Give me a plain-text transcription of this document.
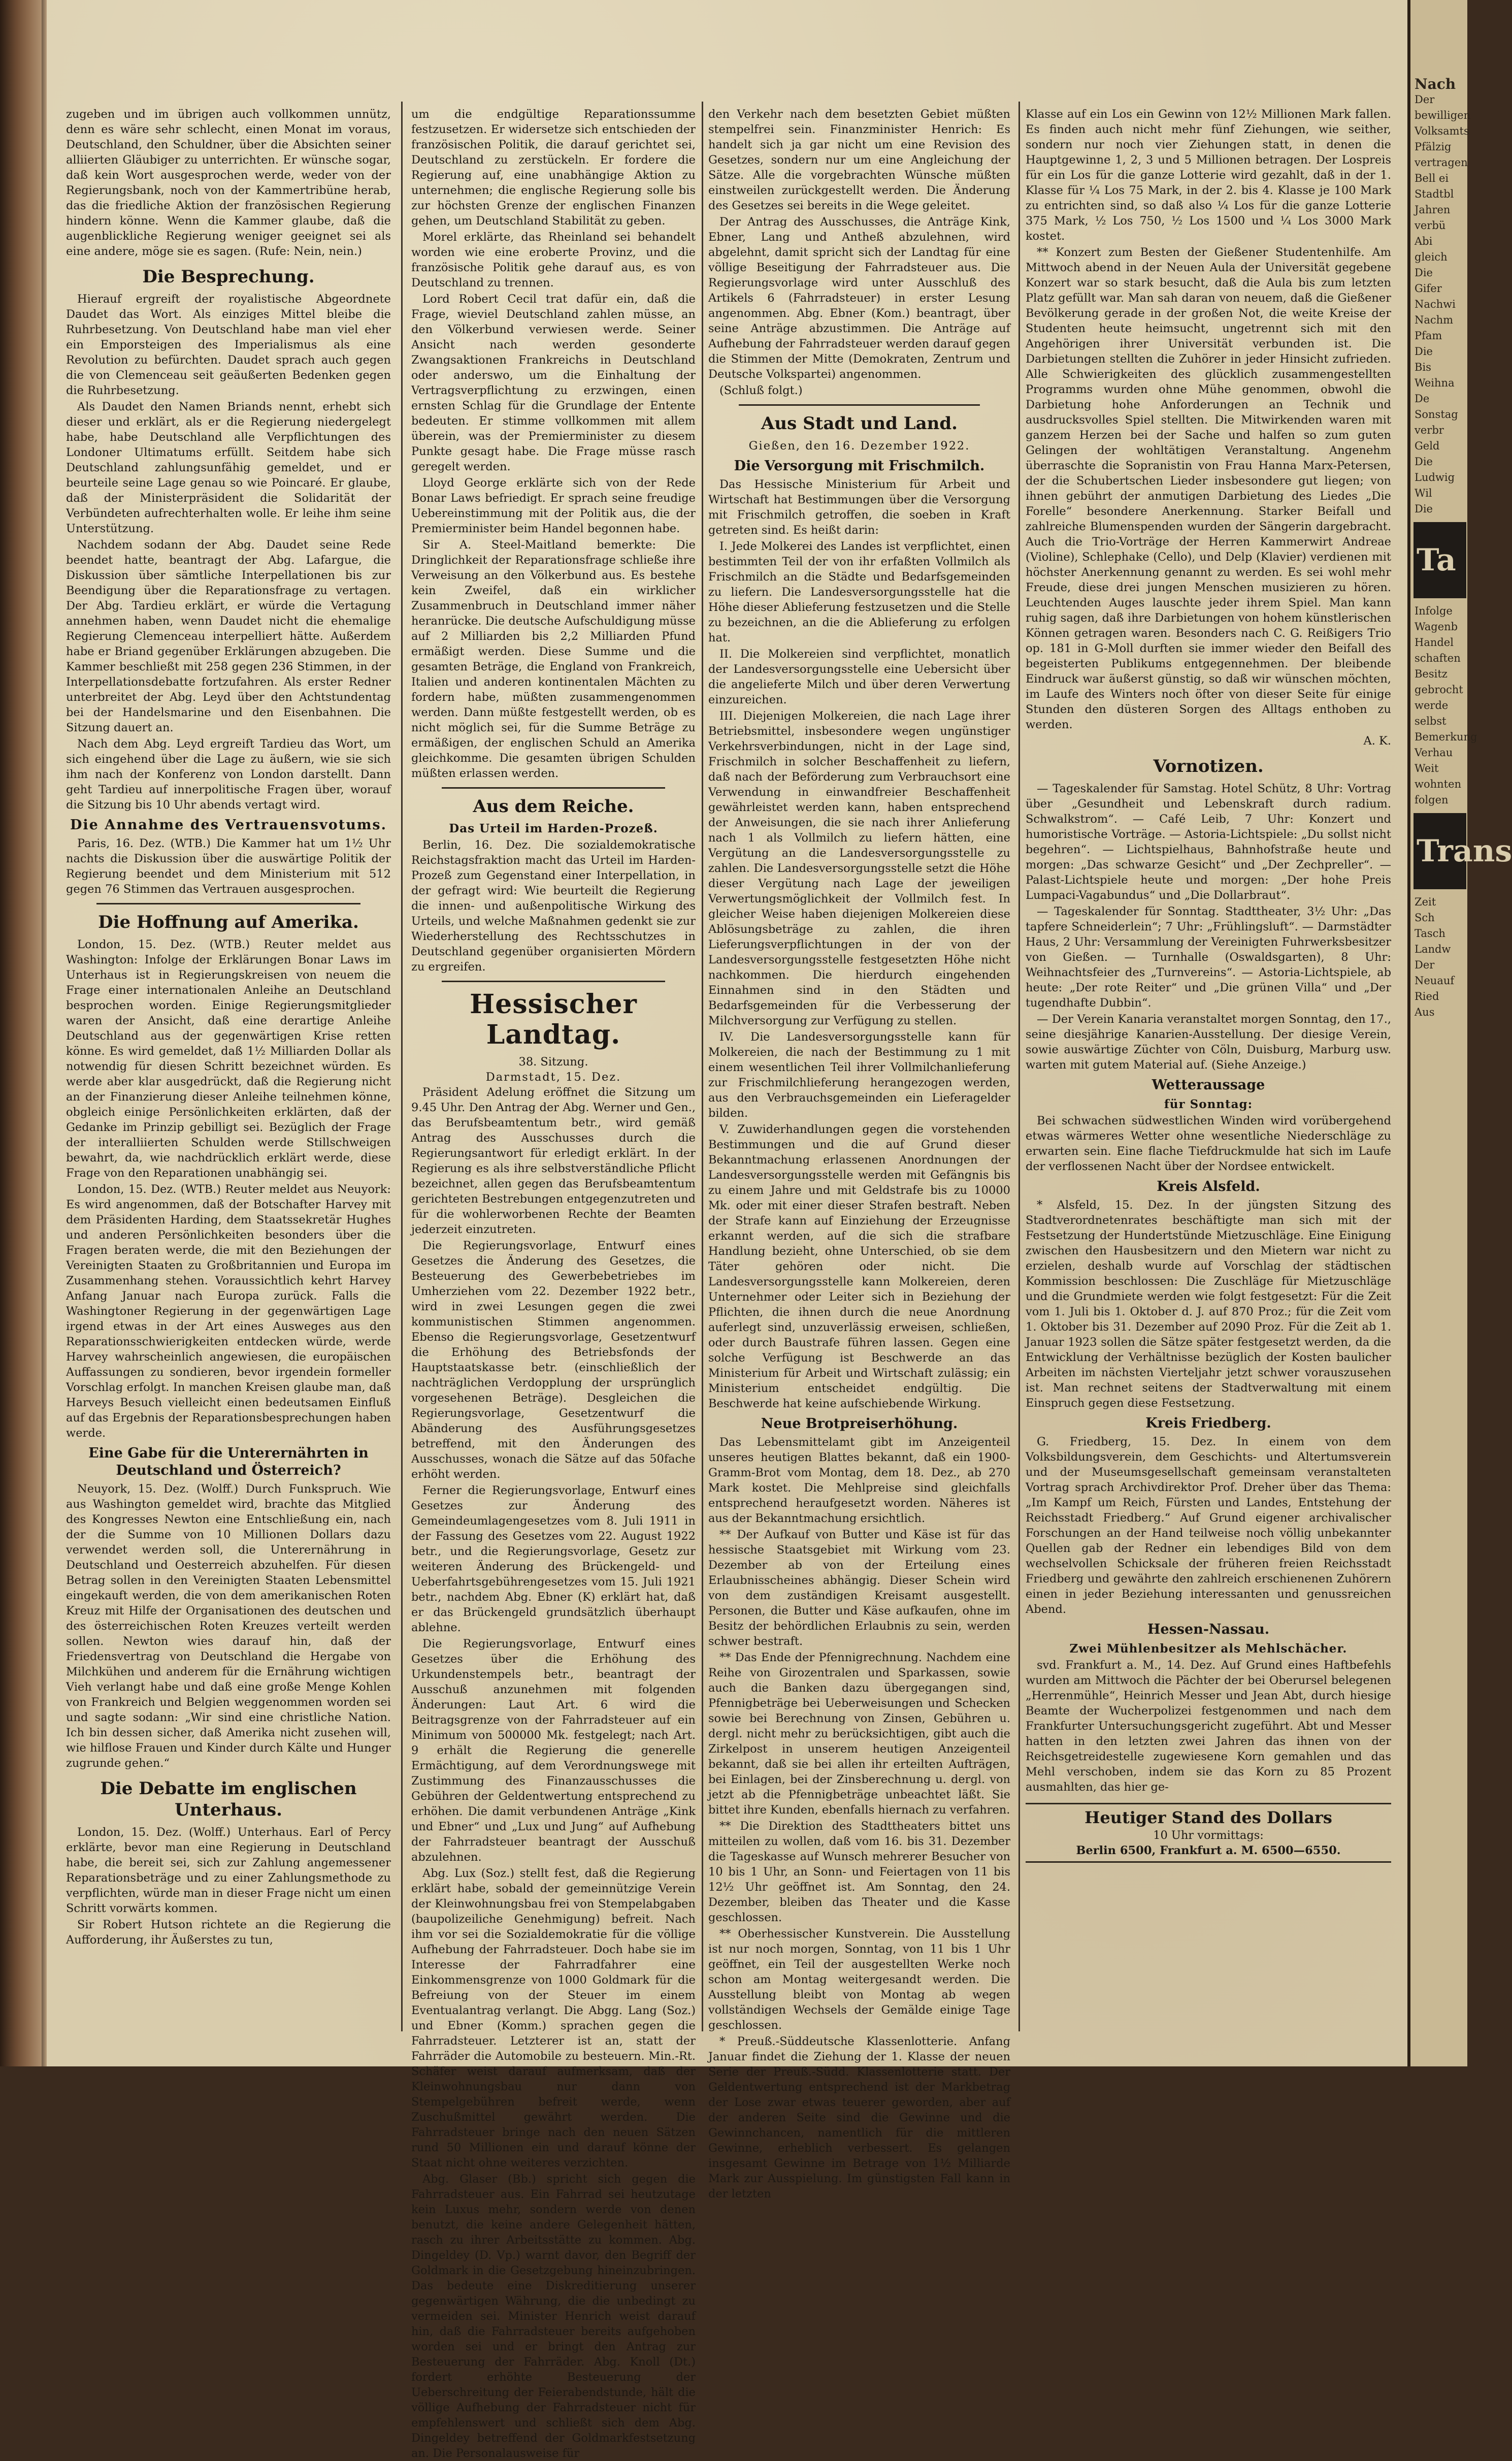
zugeben und im übrigen auch vollkommen unnütz, denn es wäre sehr schlecht, einen Monat im voraus, Deutschland, den Schuldner, über die Absichten seiner alliierten Gläubiger zu unterrichten. Er wünsche sogar, daß kein Wort ausgesprochen werde, weder von der Regierungsbank, noch von der Kammertribüne herab, das die friedliche Aktion der französischen Regierung hindern könne. Wenn die Kammer glaube, daß die augenblickliche Regierung weniger geeignet sei als eine andere, möge sie es sagen. (Rufe: Nein, nein.)

Die Besprechung.

Hierauf ergreift der royalistische Abgeordnete Daudet das Wort. Als einziges Mittel bleibe die Ruhrbesetzung. Von Deutschland habe man viel eher ein Emporsteigen des Imperialismus als eine Revolution zu befürchten. Daudet sprach auch gegen die von Clemenceau seit geäußerten Bedenken gegen die Ruhrbesetzung.

Als Daudet den Namen Briands nennt, erhebt sich dieser und erklärt, als er die Regierung niedergelegt habe, habe Deutschland alle Verpflichtungen des Londoner Ultimatums erfüllt. Seitdem habe sich Deutschland zahlungsunfähig gemeldet, und er beurteile seine Lage genau so wie Poincaré. Er glaube, daß der Ministerpräsident die Solidarität der Verbündeten aufrechterhalten wolle. Er leihe ihm seine Unterstützung.

Nachdem sodann der Abg. Daudet seine Rede beendet hatte, beantragt der Abg. Lafargue, die Diskussion über sämtliche Interpellationen bis zur Beendigung über die Reparationsfrage zu vertagen. Der Abg. Tardieu erklärt, er würde die Vertagung annehmen haben, wenn Daudet nicht die ehemalige Regierung Clemenceau interpelliert hätte. Außerdem habe er Briand gegenüber Erklärungen abzugeben. Die Kammer beschließt mit 258 gegen 236 Stimmen, in der Interpellationsdebatte fortzufahren. Als erster Redner unterbreitet der Abg. Leyd über den Achtstundentag bei der Handelsmarine und den Eisenbahnen. Die Sitzung dauert an.

Nach dem Abg. Leyd ergreift Tardieu das Wort, um sich eingehend über die Lage zu äußern, wie sie sich ihm nach der Konferenz von London darstellt. Dann geht Tardieu auf innerpolitische Fragen über, worauf die Sitzung bis 10 Uhr abends vertagt wird.

Die Annahme des Vertrauensvotums.

Paris, 16. Dez. (WTB.) Die Kammer hat um 1½ Uhr nachts die Diskussion über die auswärtige Politik der Regierung beendet und dem Ministerium mit 512 gegen 76 Stimmen das Vertrauen ausgesprochen.

Die Hoffnung auf Amerika.

London, 15. Dez. (WTB.) Reuter meldet aus Washington: Infolge der Erklärungen Bonar Laws im Unterhaus ist in Regierungskreisen von neuem die Frage einer internationalen Anleihe an Deutschland besprochen worden. Einige Regierungsmitglieder waren der Ansicht, daß eine derartige Anleihe Deutschland aus der gegenwärtigen Krise retten könne. Es wird gemeldet, daß 1½ Milliarden Dollar als notwendig für diesen Schritt bezeichnet würden. Es werde aber klar ausgedrückt, daß die Regierung nicht an der Finanzierung dieser Anleihe teilnehmen könne, obgleich einige Persönlichkeiten erklärten, daß der Gedanke im Prinzip gebilligt sei. Bezüglich der Frage der interalliierten Schulden werde Stillschweigen bewahrt, da, wie nachdrücklich erklärt werde, diese Frage von den Reparationen unabhängig sei.

London, 15. Dez. (WTB.) Reuter meldet aus Neuyork: Es wird angenommen, daß der Botschafter Harvey mit dem Präsidenten Harding, dem Staatssekretär Hughes und anderen Persönlichkeiten besonders über die Fragen beraten werde, die mit den Beziehungen der Vereinigten Staaten zu Großbritannien und Europa im Zusammenhang stehen. Voraussichtlich kehrt Harvey Anfang Januar nach Europa zurück. Falls die Washingtoner Regierung in der gegenwärtigen Lage irgend etwas in der Art eines Ausweges aus den Reparationsschwierigkeiten entdecken würde, werde Harvey wahrscheinlich angewiesen, die europäischen Auffassungen zu sondieren, bevor irgendein formeller Vorschlag erfolgt. In manchen Kreisen glaube man, daß Harveys Besuch vielleicht einen bedeutsamen Einfluß auf das Ergebnis der Reparationsbesprechungen haben werde.

Eine Gabe für die Unterernährten in Deutschland und Österreich?

Neuyork, 15. Dez. (Wolff.) Durch Funkspruch. Wie aus Washington gemeldet wird, brachte das Mitglied des Kongresses Newton eine Entschließung ein, nach der die Summe von 10 Millionen Dollars dazu verwendet werden soll, die Unterernährung in Deutschland und Oesterreich abzuhelfen. Für diesen Betrag sollen in den Vereinigten Staaten Lebensmittel eingekauft werden, die von dem amerikanischen Roten Kreuz mit Hilfe der Organisationen des deutschen und des österreichischen Roten Kreuzes verteilt werden sollen. Newton wies darauf hin, daß der Friedensvertrag von Deutschland die Hergabe von Milchkühen und anderem für die Ernährung wichtigen Vieh verlangt habe und daß eine große Menge Kohlen von Frankreich und Belgien weggenommen worden sei und sagte sodann: „Wir sind eine christliche Nation. Ich bin dessen sicher, daß Amerika nicht zusehen will, wie hilflose Frauen und Kinder durch Kälte und Hunger zugrunde gehen.“

Die Debatte im englischen Unterhaus.

London, 15. Dez. (Wolff.) Unterhaus. Earl of Percy erklärte, bevor man eine Regierung in Deutschland habe, die bereit sei, sich zur Zahlung angemessener Reparationsbeträge und zu einer Zahlungsmethode zu verpflichten, würde man in dieser Frage nicht um einen Schritt vorwärts kommen.

Sir Robert Hutson richtete an die Regierung die Aufforderung, ihr Äußerstes zu tun,

um die endgültige Reparationssumme festzusetzen. Er widersetze sich entschieden der französischen Politik, die darauf gerichtet sei, Deutschland zu zerstückeln. Er fordere die Regierung auf, eine unabhängige Aktion zu unternehmen; die englische Regierung solle bis zur höchsten Grenze der englischen Finanzen gehen, um Deutschland Stabilität zu geben.

Morel erklärte, das Rheinland sei behandelt worden wie eine eroberte Provinz, und die französische Politik gehe darauf aus, es von Deutschland zu trennen.

Lord Robert Cecil trat dafür ein, daß die Frage, wieviel Deutschland zahlen müsse, an den Völkerbund verwiesen werde. Seiner Ansicht nach werden gesonderte Zwangsaktionen Frankreichs in Deutschland oder anderswo, um die Einhaltung der Vertragsverpflichtung zu erzwingen, einen ernsten Schlag für die Grundlage der Entente bedeuten. Er stimme vollkommen mit allem überein, was der Premierminister zu diesem Punkte gesagt habe. Die Frage müsse rasch geregelt werden.

Lloyd George erklärte sich von der Rede Bonar Laws befriedigt. Er sprach seine freudige Uebereinstimmung mit der Politik aus, die der Premierminister beim Handel begonnen habe.

Sir A. Steel-Maitland bemerkte: Die Dringlichkeit der Reparationsfrage schließe ihre Verweisung an den Völkerbund aus. Es bestehe kein Zweifel, daß ein wirklicher Zusammenbruch in Deutschland immer näher heranrücke. Die deutsche Aufschuldigung müsse auf 2 Milliarden bis 2,2 Milliarden Pfund ermäßigt werden. Diese Summe und die gesamten Beträge, die England von Frankreich, Italien und anderen kontinentalen Mächten zu fordern habe, müßten zusammengenommen werden. Dann müßte festgestellt werden, ob es nicht möglich sei, für die Summe Beträge zu ermäßigen, der englischen Schuld an Amerika gleichkomme. Die gesamten übrigen Schulden müßten erlassen werden.

Aus dem Reiche.
Das Urteil im Harden-Prozeß.

Berlin, 16. Dez. Die sozialdemokratische Reichstagsfraktion macht das Urteil im Harden-Prozeß zum Gegenstand einer Interpellation, in der gefragt wird: Wie beurteilt die Regierung die innen- und außenpolitische Wirkung des Urteils, und welche Maßnahmen gedenkt sie zur Wiederherstellung des Rechtsschutzes in Deutschland gegenüber organisierten Mördern zu ergreifen.

Hessischer Landtag.
38. Sitzung.
Darmstadt, 15. Dez.

Präsident Adelung eröffnet die Sitzung um 9.45 Uhr. Den Antrag der Abg. Werner und Gen., das Berufsbeamtentum betr., wird gemäß Antrag des Ausschusses durch die Regierungsantwort für erledigt erklärt. In der Regierung es als ihre selbstverständliche Pflicht bezeichnet, allen gegen das Berufsbeamtentum gerichteten Bestrebungen entgegenzutreten und für die wohlerworbenen Rechte der Beamten jederzeit einzutreten.

Die Regierungsvorlage, Entwurf eines Gesetzes die Änderung des Gesetzes, die Besteuerung des Gewerbebetriebes im Umherziehen vom 22. Dezember 1922 betr., wird in zwei Lesungen gegen die zwei kommunistischen Stimmen angenommen. Ebenso die Regierungsvorlage, Gesetzentwurf die Erhöhung des Betriebsfonds der Hauptstaatskasse betr. (einschließlich der nachträglichen Verdopplung der ursprünglich vorgesehenen Beträge). Desgleichen die Regierungsvorlage, Gesetzentwurf die Abänderung des Ausführungsgesetzes betreffend, mit den Änderungen des Ausschusses, wonach die Sätze auf das 50fache erhöht werden.

Ferner die Regierungsvorlage, Entwurf eines Gesetzes zur Änderung des Gemeindeumlagengesetzes vom 8. Juli 1911 in der Fassung des Gesetzes vom 22. August 1922 betr., und die Regierungsvorlage, Gesetz zur weiteren Änderung des Brückengeld- und Ueberfahrtsgebührengesetzes vom 15. Juli 1921 betr., nachdem Abg. Ebner (K) erklärt hat, daß er das Brückengeld grundsätzlich überhaupt ablehne.

Die Regierungsvorlage, Entwurf eines Gesetzes über die Erhöhung des Urkundenstempels betr., beantragt der Ausschuß anzunehmen mit folgenden Änderungen: Laut Art. 6 wird die Beitragsgrenze von der Fahrradsteuer auf ein Minimum von 500000 Mk. festgelegt; nach Art. 9 erhält die Regierung die generelle Ermächtigung, auf dem Verordnungswege mit Zustimmung des Finanzausschusses die Gebühren der Geldentwertung entsprechend zu erhöhen. Die damit verbundenen Anträge „Kink und Ebner“ und „Lux und Jung“ auf Aufhebung der Fahrradsteuer beantragt der Ausschuß abzulehnen.

Abg. Lux (Soz.) stellt fest, daß die Regierung erklärt habe, sobald der gemeinnützige Verein der Kleinwohnungsbau frei von Stempelabgaben (baupolizeiliche Genehmigung) befreit. Nach ihm vor sei die Sozialdemokratie für die völlige Aufhebung der Fahrradsteuer. Doch habe sie im Interesse der Fahrradfahrer eine Einkommensgrenze von 1000 Goldmark für die Befreiung von der Steuer im einem Eventualantrag verlangt. Die Abgg. Lang (Soz.) und Ebner (Komm.) sprachen gegen die Fahrradsteuer. Letzterer ist an, statt der Fahrräder die Automobile zu besteuern. Min.-Rt. Schäfer weist darauf aufmerksam, daß der Kleinwohnungsbau nur dann von Stempelgebühren befreit werde, wenn Zuschußmittel gewährt werden. Die Fahrradsteuer bringe nach den neuen Sätzen rund 50 Millionen ein und darauf könne der Staat nicht ohne weiteres verzichten.

Abg. Glaser (Bb.) spricht sich gegen die Fahrradsteuer aus. Ein Fahrrad sei heutzutage kein Luxus mehr, sondern werde von denen benutzt, die keine andere Gelegenheit hätten, rasch zu ihrer Arbeitsstätte zu kommen. Abg. Dingeldey (D. Vp.) warnt davor, den Begriff der Goldmark in die Gesetzgebung hineinzubringen. Das bedeute eine Diskreditierung unserer gegenwärtigen Währung, die die unbedingt zu vermeiden sei. Minister Henrich weist darauf hin, daß die Fahrradsteuer bereits aufgehoben worden sei und er bringt den Antrag zur Besteuerung der Fahrräder. Abg. Knoll (Dt.) fordert erhöhte Besteuerung der Ueberschreitung der Feierabendstunde, hält die völlige Aufhebung der Fahrradsteuer nicht für empfehlenswert und schließt sich dem Abg. Dingeldey betreffend der Goldmarkfestsetzung an. Die Personalausweise für

den Verkehr nach dem besetzten Gebiet müßten stempelfrei sein. Finanzminister Henrich: Es handelt sich ja gar nicht um eine Revision des Gesetzes, sondern nur um eine Angleichung der Sätze. Alle die vorgebrachten Wünsche müßten einstweilen zurückgestellt werden. Die Änderung des Gesetzes sei bereits in die Wege geleitet.

Der Antrag des Ausschusses, die Anträge Kink, Ebner, Lang und Antheß abzulehnen, wird abgelehnt, damit spricht sich der Landtag für eine völlige Beseitigung der Fahrradsteuer aus. Die Regierungsvorlage wird unter Ausschluß des Artikels 6 (Fahrradsteuer) in erster Lesung angenommen. Abg. Ebner (Kom.) beantragt, über seine Anträge abzustimmen. Die Anträge auf Aufhebung der Fahrradsteuer werden darauf gegen die Stimmen der Mitte (Demokraten, Zentrum und Deutsche Volkspartei) angenommen.

(Schluß folgt.)

Aus Stadt und Land.
Gießen, den 16. Dezember 1922.
Die Versorgung mit Frischmilch.

Das Hessische Ministerium für Arbeit und Wirtschaft hat Bestimmungen über die Versorgung mit Frischmilch getroffen, die soeben in Kraft getreten sind. Es heißt darin:

I. Jede Molkerei des Landes ist verpflichtet, einen bestimmten Teil der von ihr erfaßten Vollmilch als Frischmilch an die Städte und Bedarfsgemeinden zu liefern. Die Landesversorgungsstelle hat die Höhe dieser Ablieferung festzusetzen und die Stelle zu bezeichnen, an die die Ablieferung zu erfolgen hat.

II. Die Molkereien sind verpflichtet, monatlich der Landesversorgungsstelle eine Uebersicht über die angelieferte Milch und über deren Verwertung einzureichen.

III. Diejenigen Molkereien, die nach Lage ihrer Betriebsmittel, insbesondere wegen ungünstiger Verkehrsverbindungen, nicht in der Lage sind, Frischmilch in solcher Beschaffenheit zu liefern, daß nach der Beförderung zum Verbrauchsort eine Verwendung in einwandfreier Beschaffenheit gewährleistet werden kann, haben entsprechend der Anweisungen, die sie nach ihrer Anlieferung nach 1 als Vollmilch zu liefern hätten, eine Vergütung an die Landesversorgungsstelle zu zahlen. Die Landesversorgungsstelle setzt die Höhe dieser Vergütung nach Lage der jeweiligen Verwertungsmöglichkeit der Vollmilch fest. In gleicher Weise haben diejenigen Molkereien diese Ablösungsbeträge zu zahlen, die ihren Lieferungsverpflichtungen in der von der Landesversorgungsstelle festgesetzten Höhe nicht nachkommen. Die hierdurch eingehenden Einnahmen sind in den Städten und Bedarfsgemeinden für die Verbesserung der Milchversorgung zur Verfügung zu stellen.

IV. Die Landesversorgungsstelle kann für Molkereien, die nach der Bestimmung zu 1 mit einem wesentlichen Teil ihrer Vollmilchanlieferung zur Frischmilchlieferung herangezogen werden, aus den Verbrauchsgemeinden ein Lieferagelder bilden.

V. Zuwiderhandlungen gegen die vorstehenden Bestimmungen und die auf Grund dieser Bekanntmachung erlassenen Anordnungen der Landesversorgungsstelle werden mit Gefängnis bis zu einem Jahre und mit Geldstrafe bis zu 10000 Mk. oder mit einer dieser Strafen bestraft. Neben der Strafe kann auf Einziehung der Erzeugnisse erkannt werden, auf die sich die strafbare Handlung bezieht, ohne Unterschied, ob sie dem Täter gehören oder nicht. Die Landesversorgungsstelle kann Molkereien, deren Unternehmer oder Leiter sich in Beziehung der Pflichten, die ihnen durch die neue Anordnung auferlegt sind, unzuverlässig erweisen, schließen, oder durch Baustrafe führen lassen. Gegen eine solche Verfügung ist Beschwerde an das Ministerium für Arbeit und Wirtschaft zulässig; ein Ministerium entscheidet endgültig. Die Beschwerde hat keine aufschiebende Wirkung.

Neue Brotpreiserhöhung.

Das Lebensmittelamt gibt im Anzeigenteil unseres heutigen Blattes bekannt, daß ein 1900-Gramm-Brot vom Montag, dem 18. Dez., ab 270 Mark kostet. Die Mehlpreise sind gleichfalls entsprechend heraufgesetzt worden. Näheres ist aus der Bekanntmachung ersichtlich.

** Der Aufkauf von Butter und Käse ist für das hessische Staatsgebiet mit Wirkung vom 23. Dezember ab von der Erteilung eines Erlaubnisscheines abhängig. Dieser Schein wird von dem zuständigen Kreisamt ausgestellt. Personen, die Butter und Käse aufkaufen, ohne im Besitz der behördlichen Erlaubnis zu sein, werden schwer bestraft.

** Das Ende der Pfennigrechnung. Nachdem eine Reihe von Girozentralen und Sparkassen, sowie auch die Banken dazu übergegangen sind, Pfennigbeträge bei Ueberweisungen und Schecken sowie bei Berechnung von Zinsen, Gebühren u. dergl. nicht mehr zu berücksichtigen, gibt auch die Zirkelpost in unserem heutigen Anzeigenteil bekannt, daß sie bei allen ihr erteilten Aufträgen, bei Einlagen, bei der Zinsberechnung u. dergl. von jetzt ab die Pfennigbeträge unbeachtet läßt. Sie bittet ihre Kunden, ebenfalls hiernach zu verfahren.

** Die Direktion des Stadttheaters bittet uns mitteilen zu wollen, daß vom 16. bis 31. Dezember die Tageskasse auf Wunsch mehrerer Besucher von 10 bis 1 Uhr, an Sonn- und Feiertagen von 11 bis 12½ Uhr geöffnet ist. Am Sonntag, den 24. Dezember, bleiben das Theater und die Kasse geschlossen.

** Oberhessischer Kunstverein. Die Ausstellung ist nur noch morgen, Sonntag, von 11 bis 1 Uhr geöffnet, ein Teil der ausgestellten Werke noch schon am Montag weitergesandt werden. Die Ausstellung bleibt von Montag ab wegen vollständigen Wechsels der Gemälde einige Tage geschlossen.

* Preuß.-Süddeutsche Klassenlotterie. Anfang Januar findet die Ziehung der 1. Klasse der neuen Serie der Preuß.-Südd. Klassenlotterie statt. Der Geldentwertung entsprechend ist der Markbetrag der Lose zwar etwas teuerer geworden, aber auf der anderen Seite sind die Gewinne und die Gewinnchancen, namentlich für die mittleren Gewinne, erheblich verbessert. Es gelangen insgesamt Gewinne im Betrage von 1½ Milliarde Mark zur Ausspielung. Im günstigsten Fall kann in der letzten

Klasse auf ein Los ein Gewinn von 12½ Millionen Mark fallen. Es finden auch nicht mehr fünf Ziehungen, wie seither, sondern nur noch vier Ziehungen statt, in denen die Hauptgewinne 1, 2, 3 und 5 Millionen betragen. Der Lospreis für ein Los für die ganze Lotterie wird gezahlt, daß in der 1. Klasse für ¼ Los 75 Mark, in der 2. bis 4. Klasse je 100 Mark zu entrichten sind, so daß also ¼ Los für die ganze Lotterie 375 Mark, ½ Los 750, ½ Los 1500 und ¼ Los 3000 Mark kostet.

** Konzert zum Besten der Gießener Studentenhilfe. Am Mittwoch abend in der Neuen Aula der Universität gegebene Konzert war so stark besucht, daß die Aula bis zum letzten Platz gefüllt war. Man sah daran von neuem, daß die Gießener Bevölkerung gerade in der großen Not, die weite Kreise der Studenten heute heimsucht, ungetrennt sich mit den Angehörigen ihrer Universität verbunden ist. Die Darbietungen stellten die Zuhörer in jeder Hinsicht zufrieden. Alle Schwierigkeiten des glücklich zusammengestellten Programms wurden ohne Mühe genommen, obwohl die Darbietung hohe Anforderungen an Technik und ausdrucksvolles Spiel stellten. Die Mitwirkenden waren mit ganzem Herzen bei der Sache und halfen so zum guten Gelingen der wohltätigen Veranstaltung. Angenehm überraschte die Sopranistin von Frau Hanna Marx-Petersen, der die Schubertschen Lieder insbesondere gut liegen; von ihnen gebührt der anmutigen Darbietung des Liedes „Die Forelle“ besondere Anerkennung. Starker Beifall und zahlreiche Blumenspenden wurden der Sängerin dargebracht. Auch die Trio-Vorträge der Herren Kammerwirt Andreae (Violine), Schlephake (Cello), und Delp (Klavier) verdienen mit höchster Anerkennung genannt zu werden. Es sei wohl mehr Freude, diese drei jungen Menschen musizieren zu hören. Leuchtenden Auges lauschte jeder ihrem Spiel. Man kann ruhig sagen, daß ihre Darbietungen von hohem künstlerischen Können getragen waren. Besonders nach C. G. Reißigers Trio op. 181 in G-Moll durften sie immer wieder den Beifall des begeisterten Publikums entgegennehmen. Der bleibende Eindruck war äußerst günstig, so daß wir wünschen möchten, im Laufe des Winters noch öfter von dieser Seite für einige Stunden den düsteren Sorgen des Alltags enthoben zu werden.

A. K.

Vornotizen.

— Tageskalender für Samstag. Hotel Schütz, 8 Uhr: Vortrag über „Gesundheit und Lebenskraft durch radium. Schwalkstrom“. — Café Leib, 7 Uhr: Konzert und humoristische Vorträge. — Astoria-Lichtspiele: „Du sollst nicht begehren“. — Lichtspielhaus, Bahnhofstraße heute und morgen: „Das schwarze Gesicht“ und „Der Zechpreller“. — Palast-Lichtspiele heute und morgen: „Der hohe Preis Lumpaci-Vagabundus“ und „Die Dollarbraut“.

— Tageskalender für Sonntag. Stadttheater, 3½ Uhr: „Das tapfere Schneiderlein“; 7 Uhr: „Frühlingsluft“. — Darmstädter Haus, 2 Uhr: Versammlung der Vereinigten Fuhrwerksbesitzer von Gießen. — Turnhalle (Oswaldsgarten), 8 Uhr: Weihnachtsfeier des „Turnvereins“. — Astoria-Lichtspiele, ab heute: „Der rote Reiter“ und „Die grünen Villa“ und „Der tugendhafte Dubbin“.

— Der Verein Kanaria veranstaltet morgen Sonntag, den 17., seine diesjährige Kanarien-Ausstellung. Der diesige Verein, sowie auswärtige Züchter von Cöln, Duisburg, Marburg usw. warten mit gutem Material auf. (Siehe Anzeige.)

Wetteraussage
für Sonntag:

Bei schwachen südwestlichen Winden wird vorübergehend etwas wärmeres Wetter ohne wesentliche Niederschläge zu erwarten sein. Eine flache Tiefdruckmulde hat sich im Laufe der verflossenen Nacht über der Nordsee entwickelt.

Kreis Alsfeld.

* Alsfeld, 15. Dez. In der jüngsten Sitzung des Stadtverordnetenrates beschäftigte man sich mit der Festsetzung der Hundertstünde Mietzuschläge. Eine Einigung zwischen den Hausbesitzern und den Mietern war nicht zu erzielen, deshalb wurde auf Vorschlag der städtischen Kommission beschlossen: Die Zuschläge für Mietzuschläge und die Grundmiete werden wie folgt festgesetzt: Für die Zeit vom 1. Juli bis 1. Oktober d. J. auf 870 Proz.; für die Zeit vom 1. Oktober bis 31. Dezember auf 2090 Proz. Für die Zeit ab 1. Januar 1923 sollen die Sätze später festgesetzt werden, da die Entwicklung der Verhältnisse bezüglich der Kosten baulicher Arbeiten im nächsten Vierteljahr jetzt schwer vorauszusehen ist. Man rechnet seitens der Stadtverwaltung mit einem Einspruch gegen diese Festsetzung.

Kreis Friedberg.

G. Friedberg, 15. Dez. In einem von dem Volksbildungsverein, dem Geschichts- und Altertumsverein und der Museumsgesellschaft gemeinsam veranstalteten Vortrag sprach Archivdirektor Prof. Dreher über das Thema: „Im Kampf um Reich, Fürsten und Landes, Entstehung der Reichsstadt Friedberg.“ Auf Grund eigener archivalischer Forschungen an der Hand teilweise noch völlig unbekannter Quellen gab der Redner ein lebendiges Bild von dem wechselvollen Schicksale der früheren freien Reichsstadt Friedberg und gewährte den zahlreich erschienenen Zuhörern einen in jeder Beziehung interessanten und genussreichen Abend.

Hessen-Nassau.
Zwei Mühlenbesitzer als Mehlschächer.

svd. Frankfurt a. M., 14. Dez. Auf Grund eines Haftbefehls wurden am Mittwoch die Pächter der bei Oberursel belegenen „Herrenmühle“, Heinrich Messer und Jean Abt, durch hiesige Beamte der Wucherpolizei festgenommen und nach dem Frankfurter Untersuchungsgericht zugeführt. Abt und Messer hatten in den letzten zwei Jahren das ihnen von der Reichsgetreidestelle zugewiesene Korn gemahlen und das Mehl verschoben, indem sie das Korn zu 85 Prozent ausmahlten, das hier ge-

Heutiger Stand des Dollars
10 Uhr vormittags:
Berlin 6500, Frankfurt a. M. 6500—6550.
Nach
Der
bewilligen
Volksamts
Pfälzig
vertragen
Bell ei
Stadtbl
Jahren
verbü
Abi
gleich
Die
Gifer
Nachwi
Nachm
Pfam
Die
Bis
Weihna
De
Sonstag
verbr
Geld
Die
Ludwig
Wil
Die
Ta
Infolge
Wagenb
Handel
schaften
Besitz
gebrocht
werde
selbst
Bemerkung
Verhau
Weit
wohnten
folgen
Trans
Zeit
Sch
Tasch
Landw
Der
Neuauf
Ried
Aus
